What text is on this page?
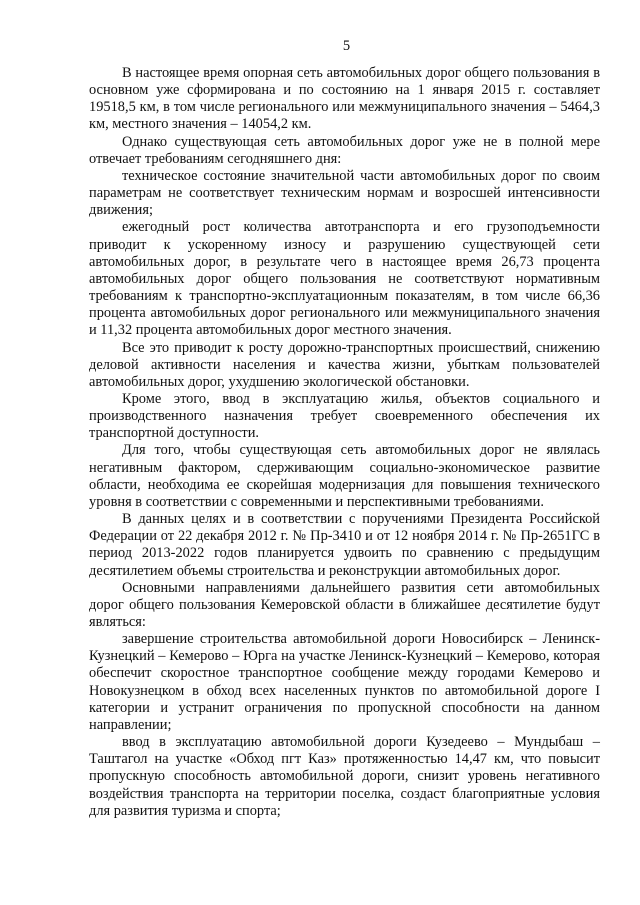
5

В настоящее время опорная сеть автомобильных дорог общего пользования в основном уже сформирована и по состоянию на 1 января 2015 г. составляет 19518,5 км, в том числе регионального или межмуниципального значения – 5464,3 км, местного значения – 14054,2 км.

Однако существующая сеть автомобильных дорог уже не в полной мере отвечает требованиям сегодняшнего дня:

техническое состояние значительной части автомобильных дорог по своим параметрам не соответствует техническим нормам и возросшей интенсивности движения;

ежегодный рост количества автотранспорта и его грузоподъемности приводит к ускоренному износу и разрушению существующей сети автомобильных дорог, в результате чего в настоящее время 26,73 процента автомобильных дорог общего пользования не соответствуют нормативным требованиям к транспортно-эксплуатационным показателям, в том числе 66,36 процента автомобильных дорог регионального или межмуниципального значения и 11,32 процента автомобильных дорог местного значения.

Все это приводит к росту дорожно-транспортных происшествий, снижению деловой активности населения и качества жизни, убыткам пользователей автомобильных дорог, ухудшению экологической обстановки.

Кроме этого, ввод в эксплуатацию жилья, объектов социального и производственного назначения требует своевременного обеспечения их транспортной доступности.

Для того, чтобы существующая сеть автомобильных дорог не являлась негативным фактором, сдерживающим социально-экономическое развитие области, необходима ее скорейшая модернизация для повышения технического уровня в соответствии с современными и перспективными требованиями.

В данных целях и в соответствии с поручениями Президента Российской Федерации от 22 декабря 2012 г. № Пр-3410 и от 12 ноября 2014 г. № Пр-2651ГС в период 2013-2022 годов планируется удвоить по сравнению с предыдущим десятилетием объемы строительства и реконструкции автомобильных дорог.

Основными направлениями дальнейшего развития сети автомобильных дорог общего пользования Кемеровской области в ближайшее десятилетие будут являться:

завершение строительства автомобильной дороги Новосибирск – Ленинск-Кузнецкий – Кемерово – Юрга на участке Ленинск-Кузнецкий – Кемерово, которая обеспечит скоростное транспортное сообщение между городами Кемерово и Новокузнецком в обход всех населенных пунктов по автомобильной дороге I категории и устранит ограничения по пропускной способности на данном направлении;

ввод в эксплуатацию автомобильной дороги Кузедеево – Мундыбаш – Таштагол на участке «Обход пгт Каз» протяженностью 14,47 км, что повысит пропускную способность автомобильной дороги, снизит уровень негативного воздействия транспорта на территории поселка, создаст благоприятные условия для развития туризма и спорта;
